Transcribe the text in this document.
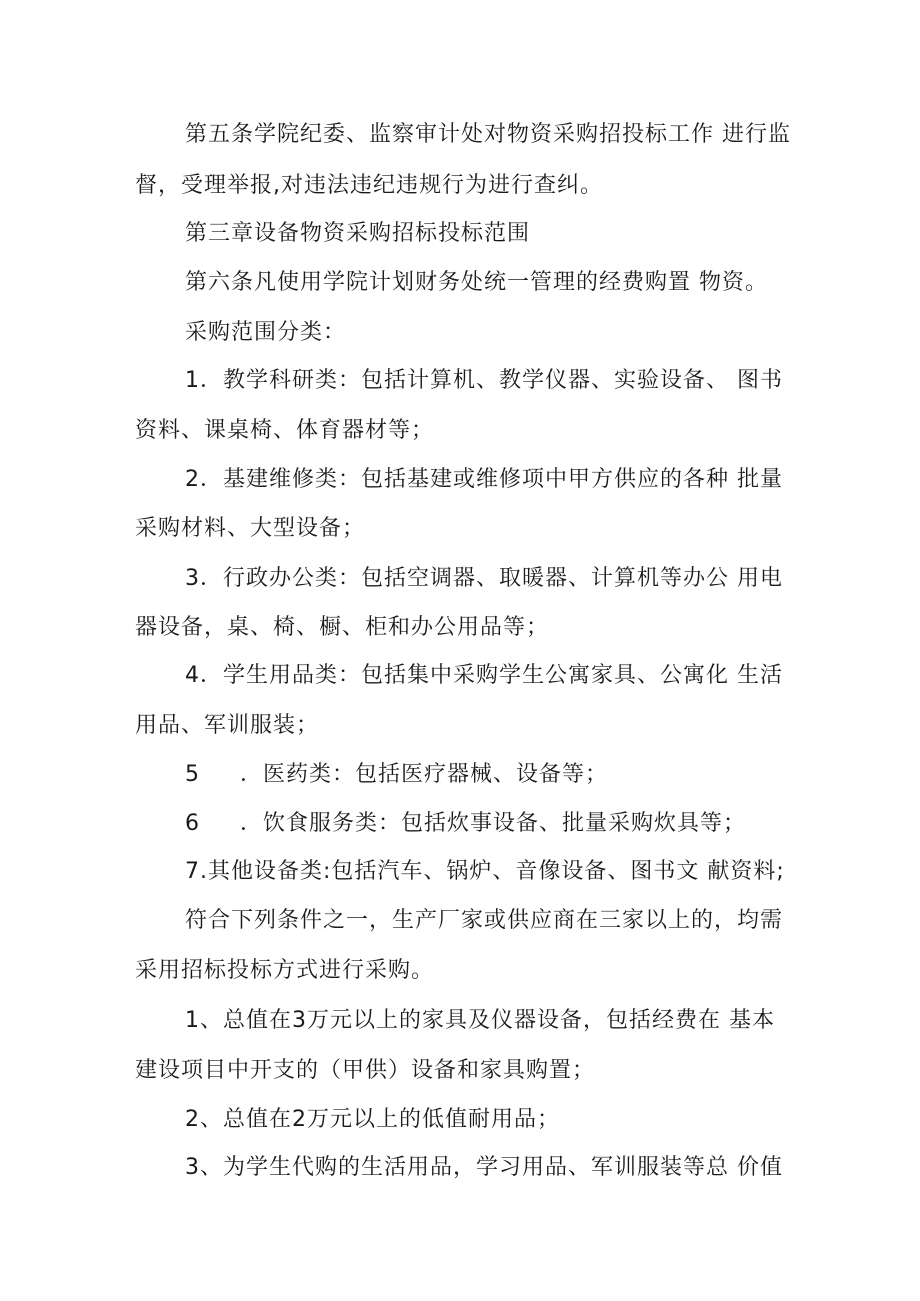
第五条学院纪委、监察审计处对物资采购招投标工作 进行监
督，受理举报,对违法违纪违规行为进行查纠。
第三章设备物资采购招标投标范围
第六条凡使用学院计划财务处统一管理的经费购置 物资。
采购范围分类：
1．教学科研类：包括计算机、教学仪器、实验设备、 图书
资料、课桌椅、体育器材等；
2．基建维修类：包括基建或维修项中甲方供应的各种 批量
采购材料、大型设备；
3．行政办公类：包括空调器、取暖器、计算机等办公 用电
器设备，桌、椅、橱、柜和办公用品等；
4．学生用品类：包括集中采购学生公寓家具、公寓化 生活
用品、军训服装；
5 ．医药类：包括医疗器械、设备等；
6 ．饮食服务类：包括炊事设备、批量采购炊具等；
7.其他设备类:包括汽车、锅炉、音像设备、图书文 献资料;
符合下列条件之一，生产厂家或供应商在三家以上的，均需
采用招标投标方式进行采购。
1、总值在3万元以上的家具及仪器设备，包括经费在 基本
建设项目中开支的（甲供）设备和家具购置；
2、总值在2万元以上的低值耐用品；
3、为学生代购的生活用品，学习用品、军训服装等总 价值
